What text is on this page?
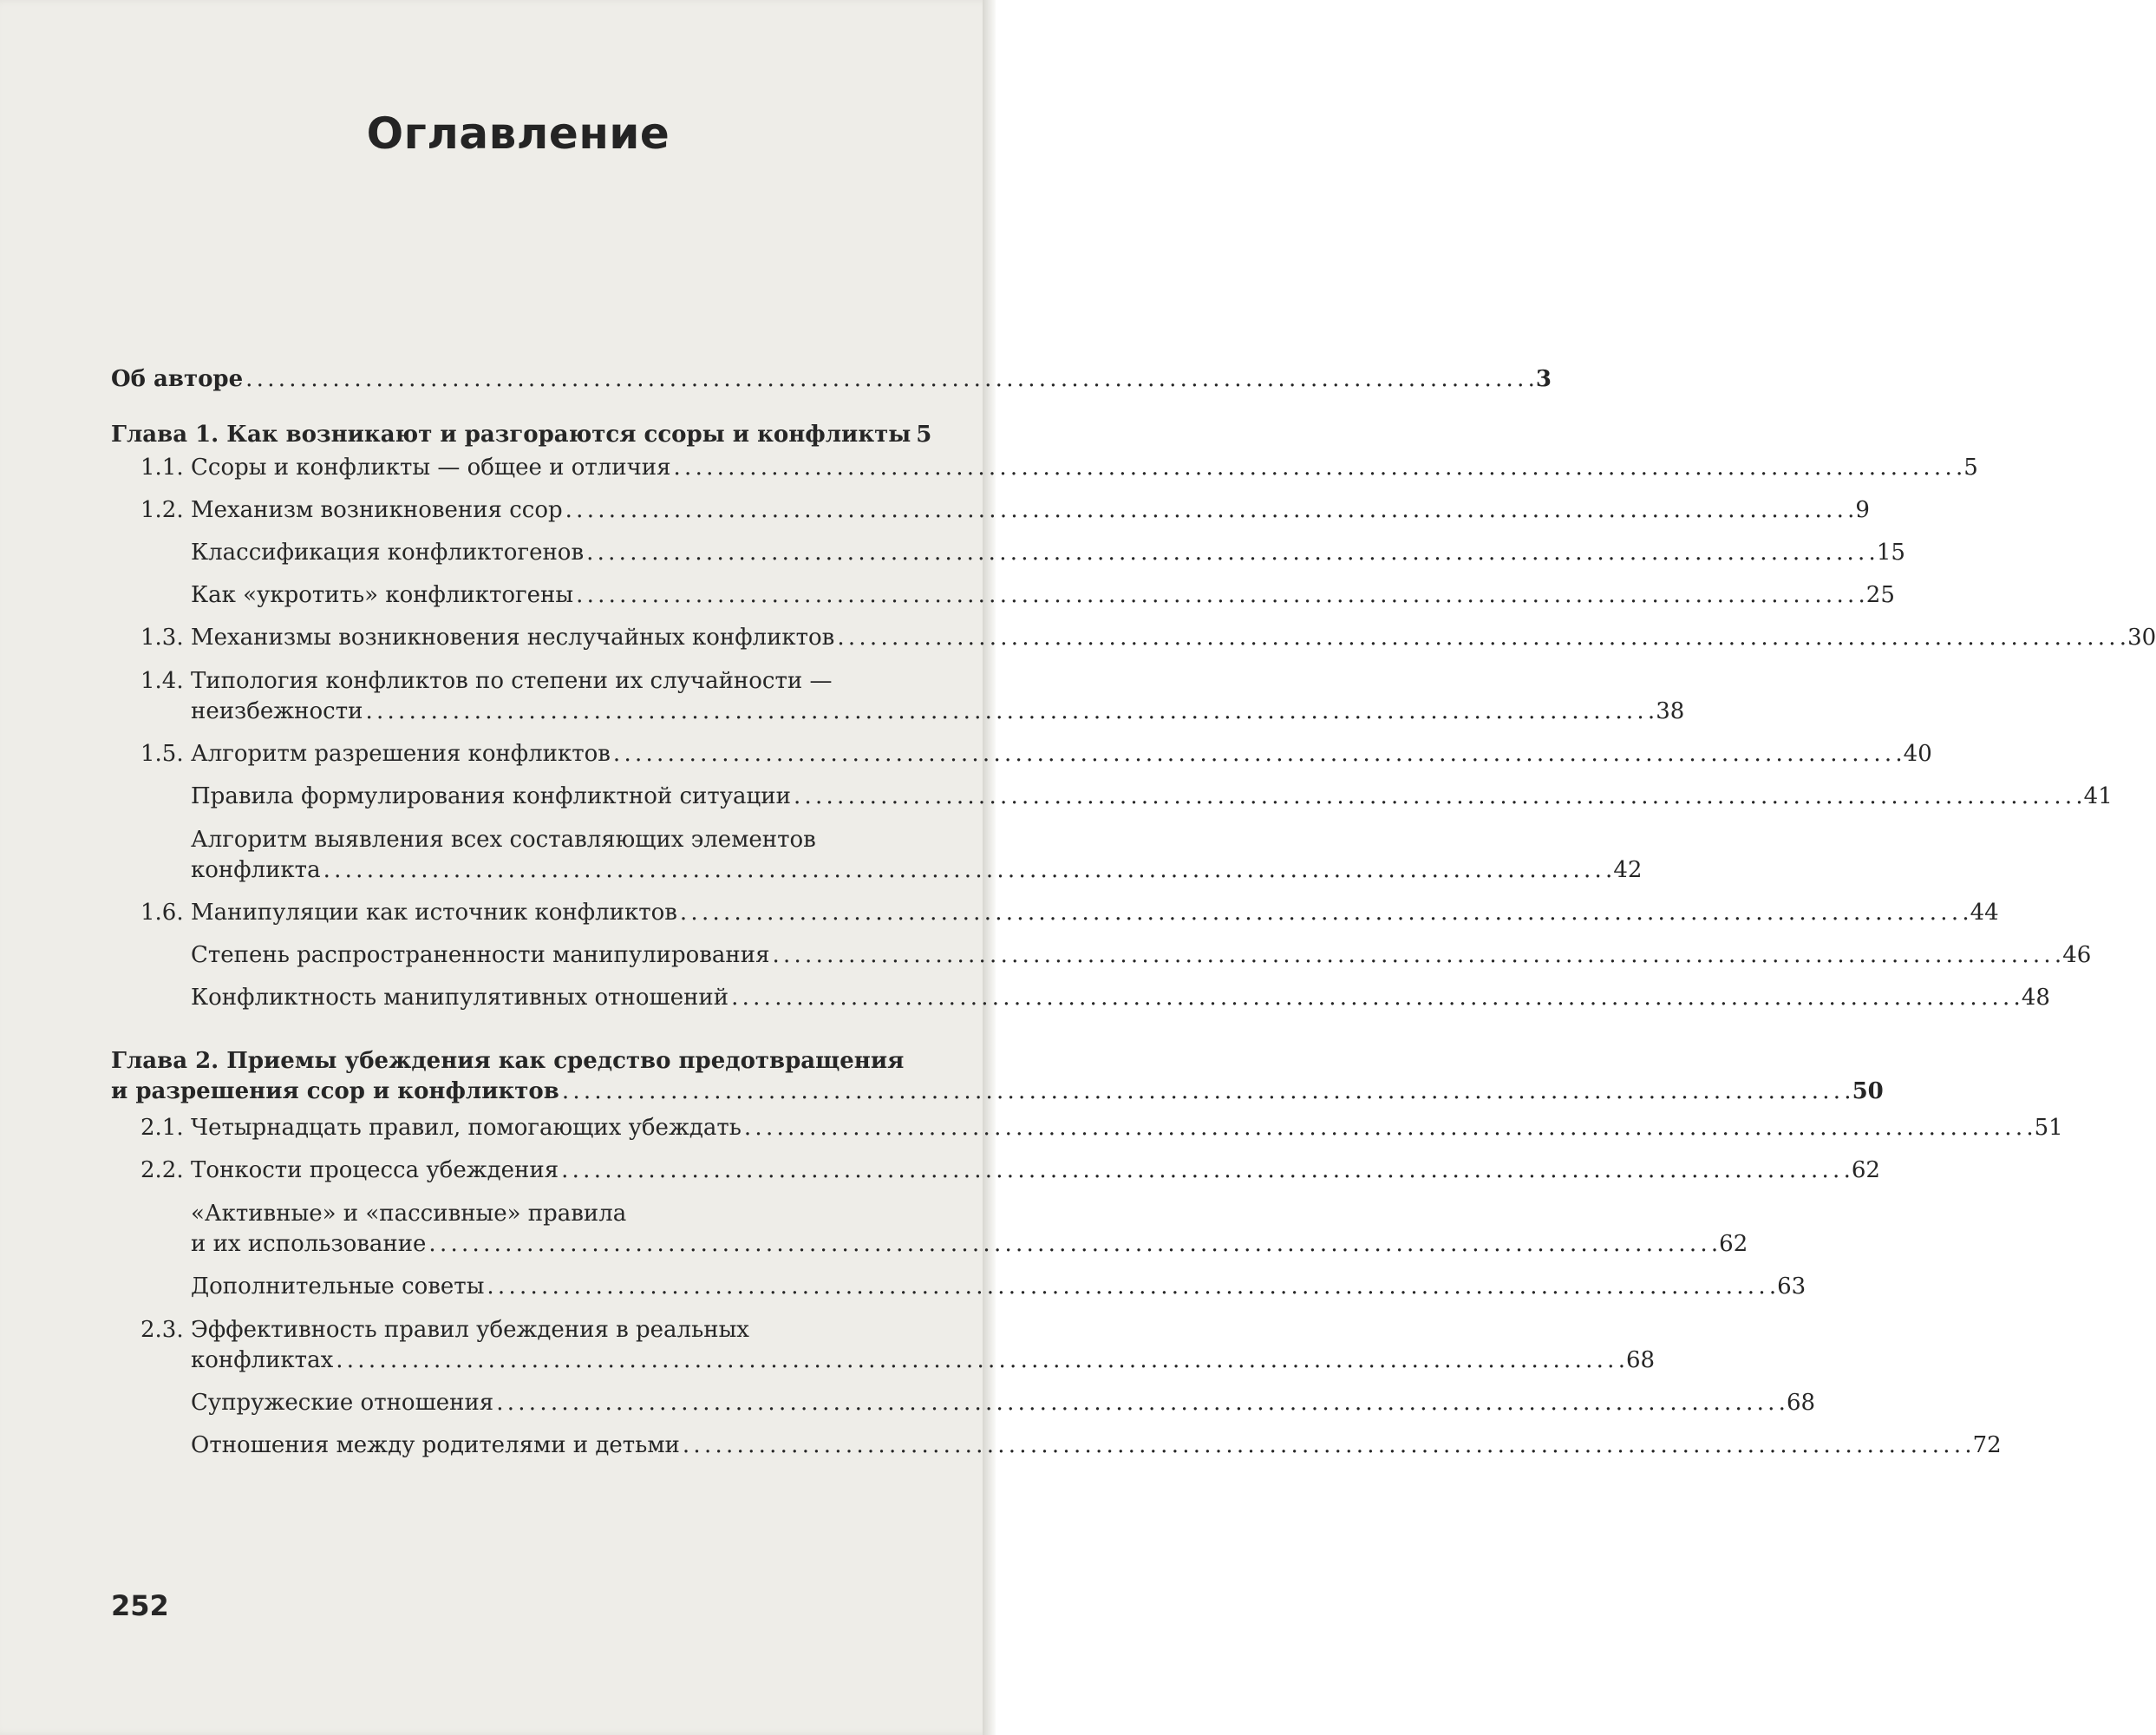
Оглавление
Об авторе . . .	3
Глава 1. Как возникают и разгораются ссоры и конфликты 5
1.1. Ссоры и конфликты — общее и отличия . . .	5
1.2. Механизм возникновения ссор . . .	9
Классификация конфликтогенов . . .	15
Как «укротить» конфликтогены . . .	25
1.3. Механизмы возникновения неслучайных конфликтов . . .	30
1.4. Типология конфликтов по степени их случайности —
неизбежности . . .	38
1.5. Алгоритм разрешения конфликтов . . .	40
Правила формулирования конфликтной ситуации . . .	41
Алгоритм выявления всех составляющих элементов
конфликта . . .	42
1.6. Манипуляции как источник конфликтов . . .	44
Степень распространенности манипулирования . . .	46
Конфликтность манипулятивных отношений . . .	48
Глава 2. Приемы убеждения как средство предотвращения
и разрешения ссор и конфликтов . . .	50
2.1. Четырнадцать правил, помогающих убеждать . . .	51
2.2. Тонкости процесса убеждения . . .	62
«Активные» и «пассивные» правила
и их использование . . .	62
Дополнительные советы . . .	63
2.3. Эффективность правил убеждения в реальных
конфликтах . . .	68
Супружеские отношения . . .	68
Отношения между родителями и детьми . . .	72

252
